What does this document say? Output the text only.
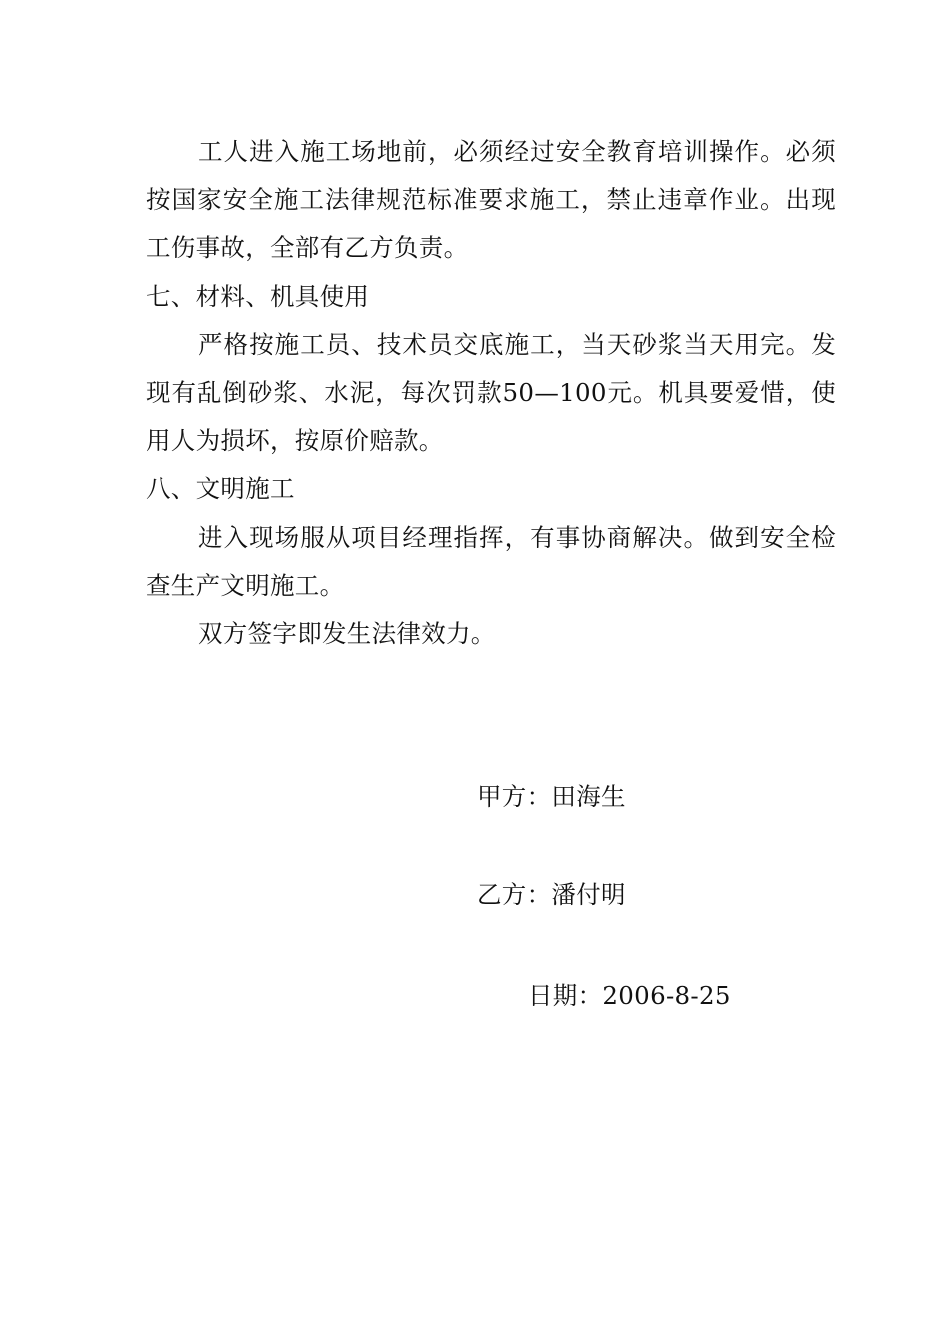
工人进入施工场地前，必须经过安全教育培训操作。必须按国家安全施工法律规范标准要求施工，禁止违章作业。出现工伤事故，全部有乙方负责。

七、材料、机具使用

严格按施工员、技术员交底施工，当天砂浆当天用完。发现有乱倒砂浆、水泥，每次罚款50—100元。机具要爱惜，使用人为损坏，按原价赔款。

八、文明施工

进入现场服从项目经理指挥，有事协商解决。做到安全检查生产文明施工。

双方签字即发生法律效力。

甲方：田海生
乙方：潘付明
日期：2006-8-25
